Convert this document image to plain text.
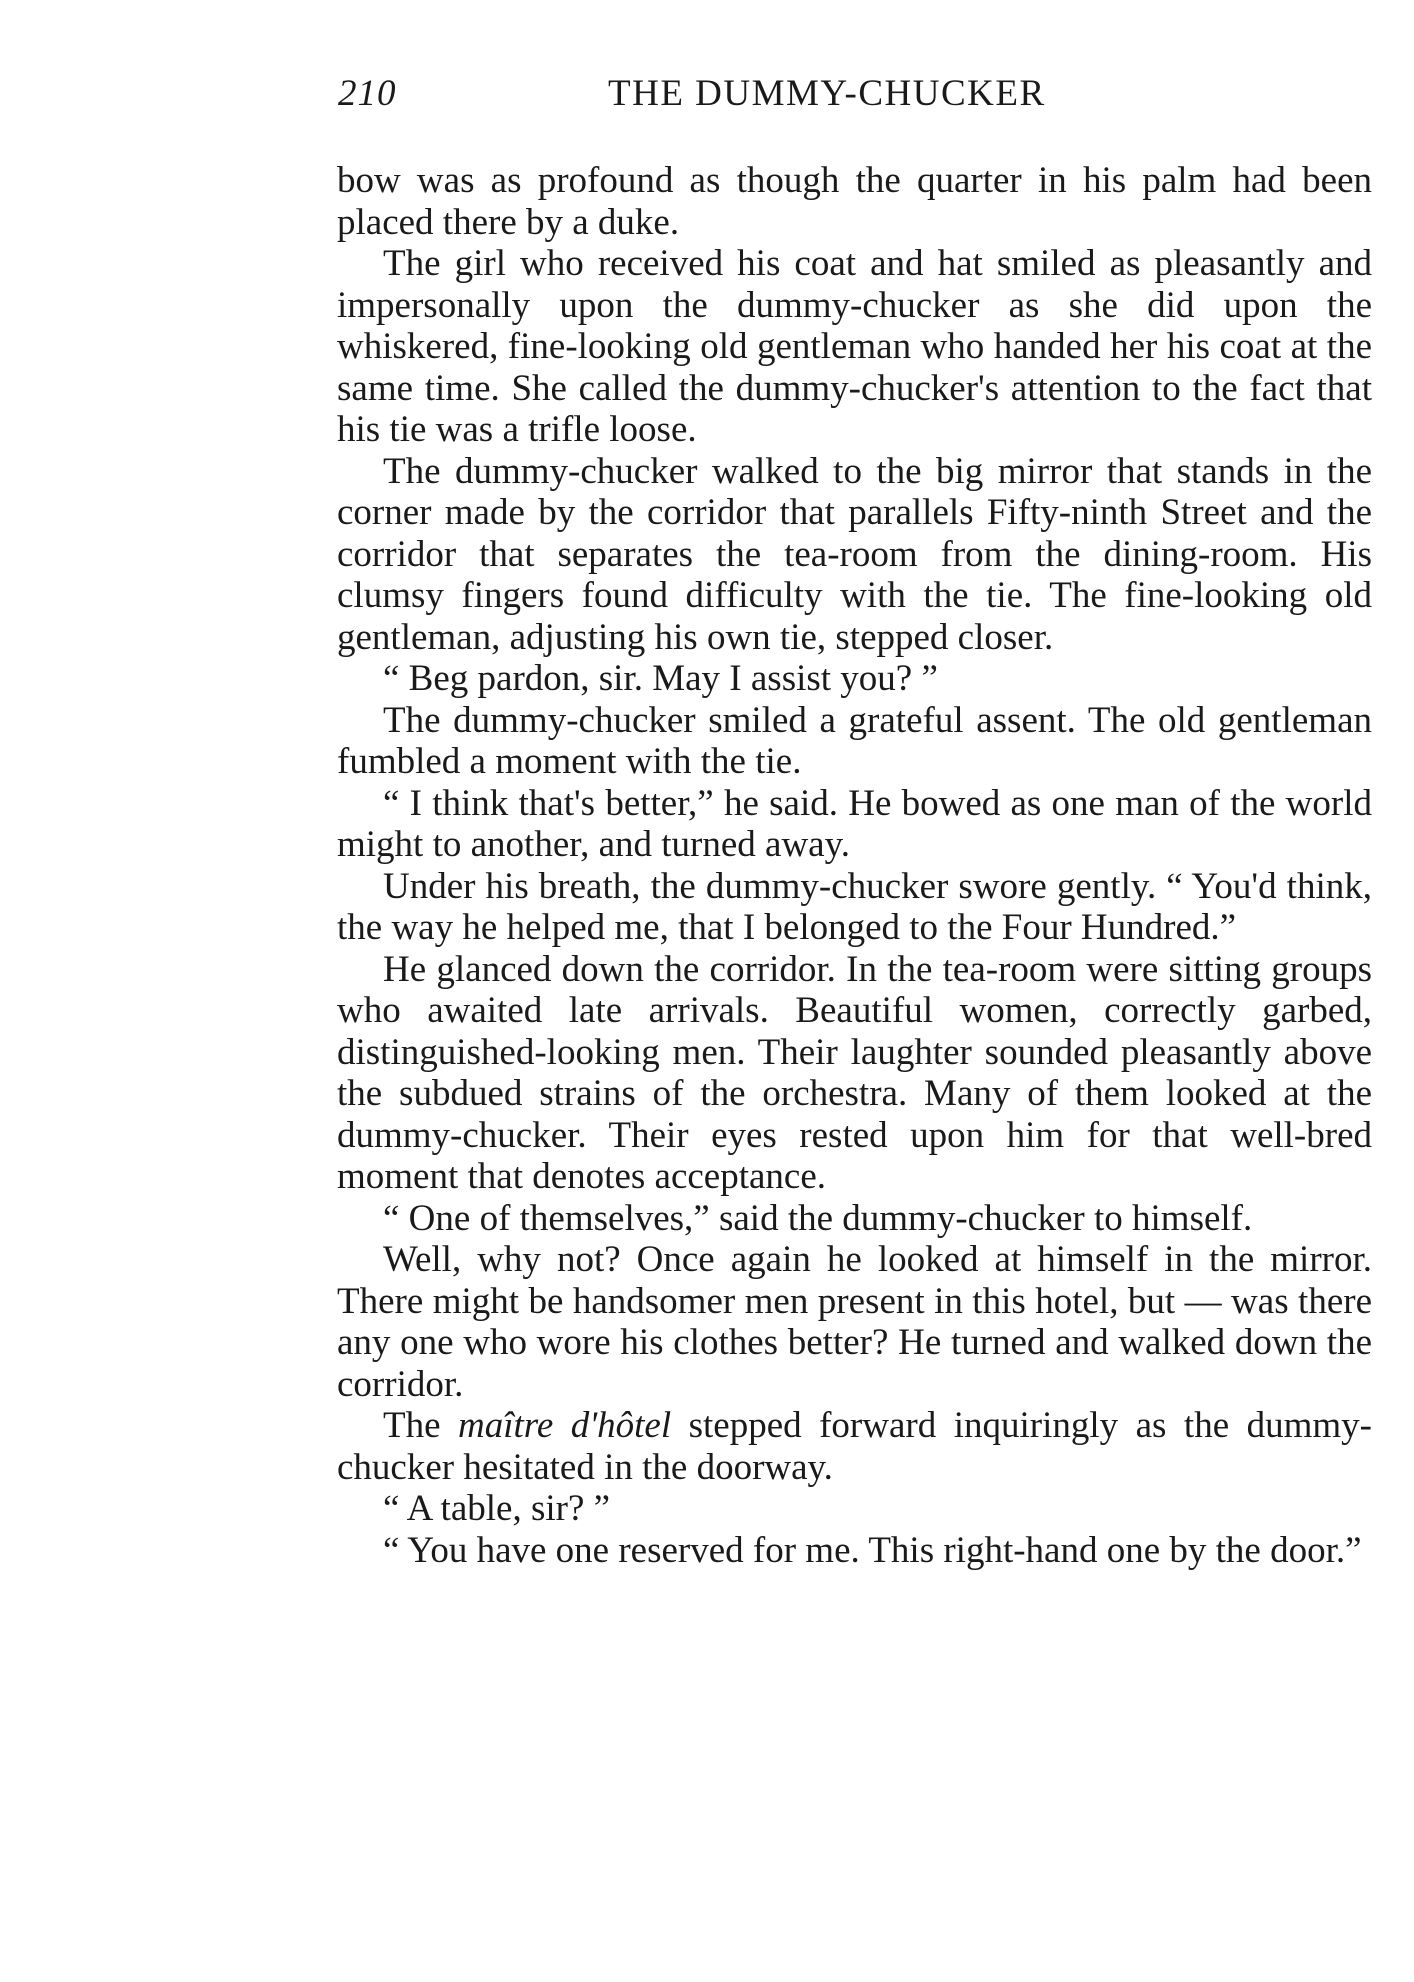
210	THE DUMMY-CHUCKER

bow was as profound as though the quarter in his palm had been placed there by a duke.

The girl who received his coat and hat smiled as pleasantly and impersonally upon the dummy-chucker as she did upon the whiskered, fine-looking old gentleman who handed her his coat at the same time. She called the dummy-chucker's attention to the fact that his tie was a trifle loose.

The dummy-chucker walked to the big mirror that stands in the corner made by the corridor that parallels Fifty-ninth Street and the corridor that separates the tea-room from the dining-room. His clumsy fingers found difficulty with the tie. The fine-looking old gentleman, adjusting his own tie, stepped closer.

“ Beg pardon, sir. May I assist you? ”

The dummy-chucker smiled a grateful assent. The old gentleman fumbled a moment with the tie.

“ I think that's better,” he said. He bowed as one man of the world might to another, and turned away.

Under his breath, the dummy-chucker swore gently. “ You'd think, the way he helped me, that I belonged to the Four Hundred.”

He glanced down the corridor. In the tea-room were sitting groups who awaited late arrivals. Beautiful women, correctly garbed, distinguished-looking men. Their laughter sounded pleasantly above the subdued strains of the orchestra. Many of them looked at the dummy-chucker. Their eyes rested upon him for that well-bred moment that denotes acceptance.

“ One of themselves,” said the dummy-chucker to himself.

Well, why not? Once again he looked at himself in the mirror. There might be handsomer men present in this hotel, but — was there any one who wore his clothes better? He turned and walked down the corridor.

The maître d'hôtel stepped forward inquiringly as the dummy-chucker hesitated in the doorway.

“ A table, sir? ”

“ You have one reserved for me. This right-hand one by the door.”
